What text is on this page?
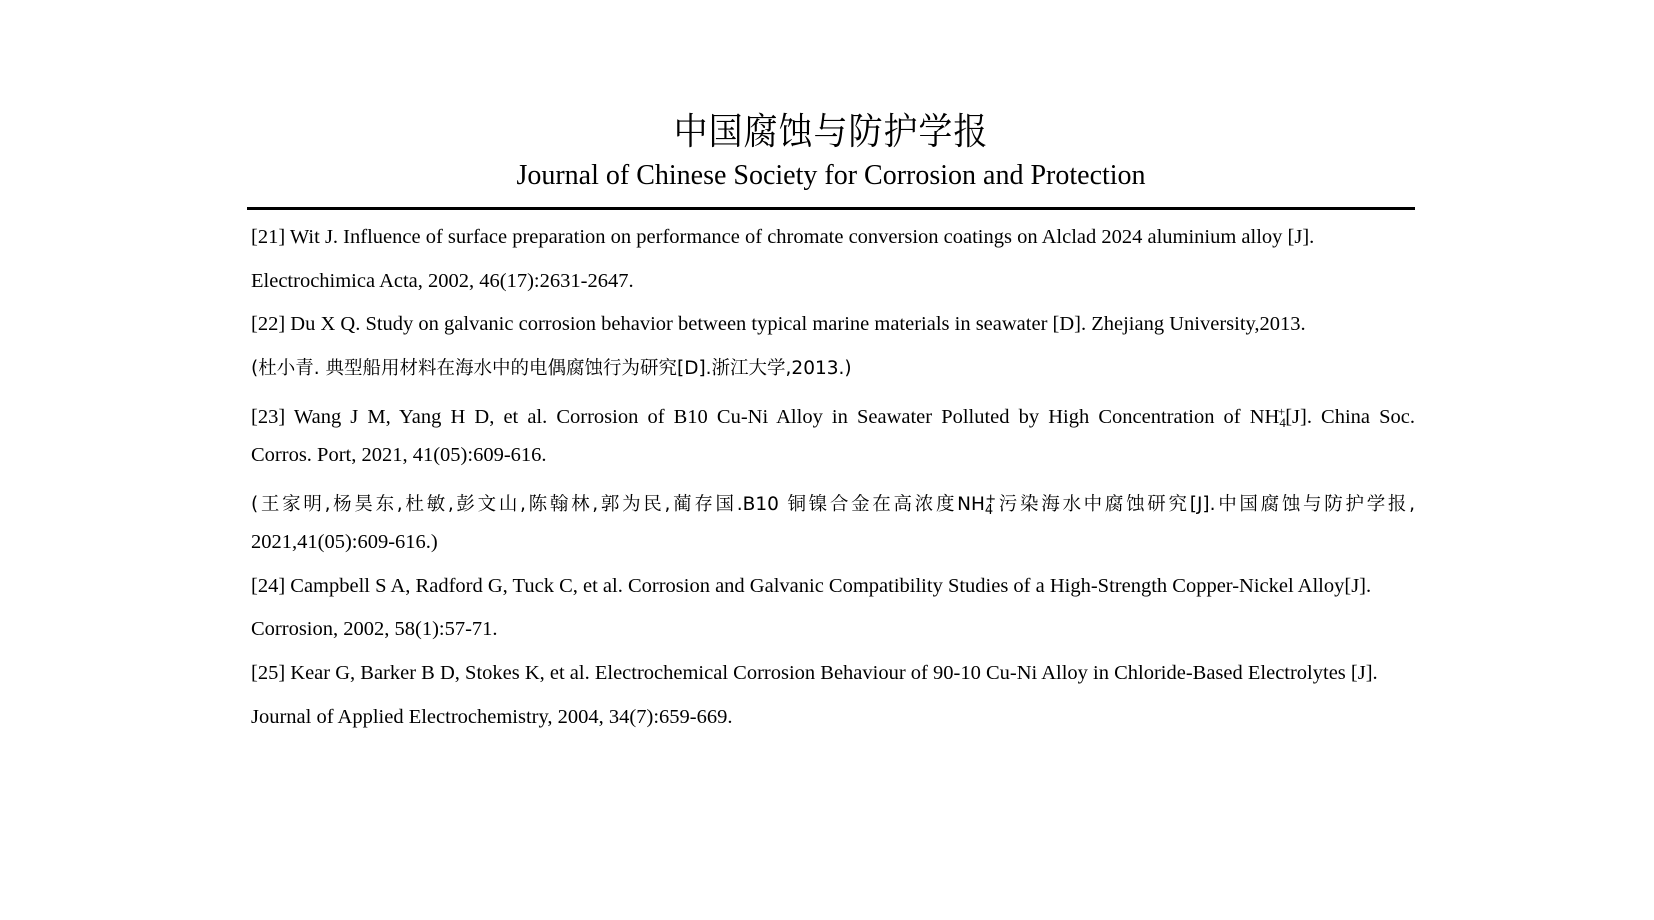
中国腐蚀与防护学报
Journal of Chinese Society for Corrosion and Protection
[21] Wit J. Influence of surface preparation on performance of chromate conversion coatings on Alclad 2024 aluminium alloy [J].
Electrochimica Acta, 2002, 46(17):2631-2647.
[22] Du X Q. Study on galvanic corrosion behavior between typical marine materials in seawater [D]. Zhejiang University,2013.
(杜小青. 典型船用材料在海水中的电偶腐蚀行为研究[D].浙江大学,2013.)
[23] Wang J M, Yang H D, et al. Corrosion of B10 Cu-Ni Alloy in Seawater Polluted by High Concentration of $NH_4^+[J]$. China Soc.
Corros. Port, 2021, 41(05):609-616.
(王家明,杨昊东,杜敏,彭文山,陈翰林,郭为民,蔺存国.B10 铜镍合金在高浓度$NH_4^+$污染海水中腐蚀研究[J].中国腐蚀与防护学报,
2021,41(05):609-616.)
[24] Campbell S A, Radford G, Tuck C, et al. Corrosion and Galvanic Compatibility Studies of a High-Strength Copper-Nickel Alloy[J].
Corrosion, 2002, 58(1):57-71.
[25] Kear G, Barker B D, Stokes K, et al. Electrochemical Corrosion Behaviour of 90-10 Cu-Ni Alloy in Chloride-Based Electrolytes [J].
Journal of Applied Electrochemistry, 2004, 34(7):659-669.
